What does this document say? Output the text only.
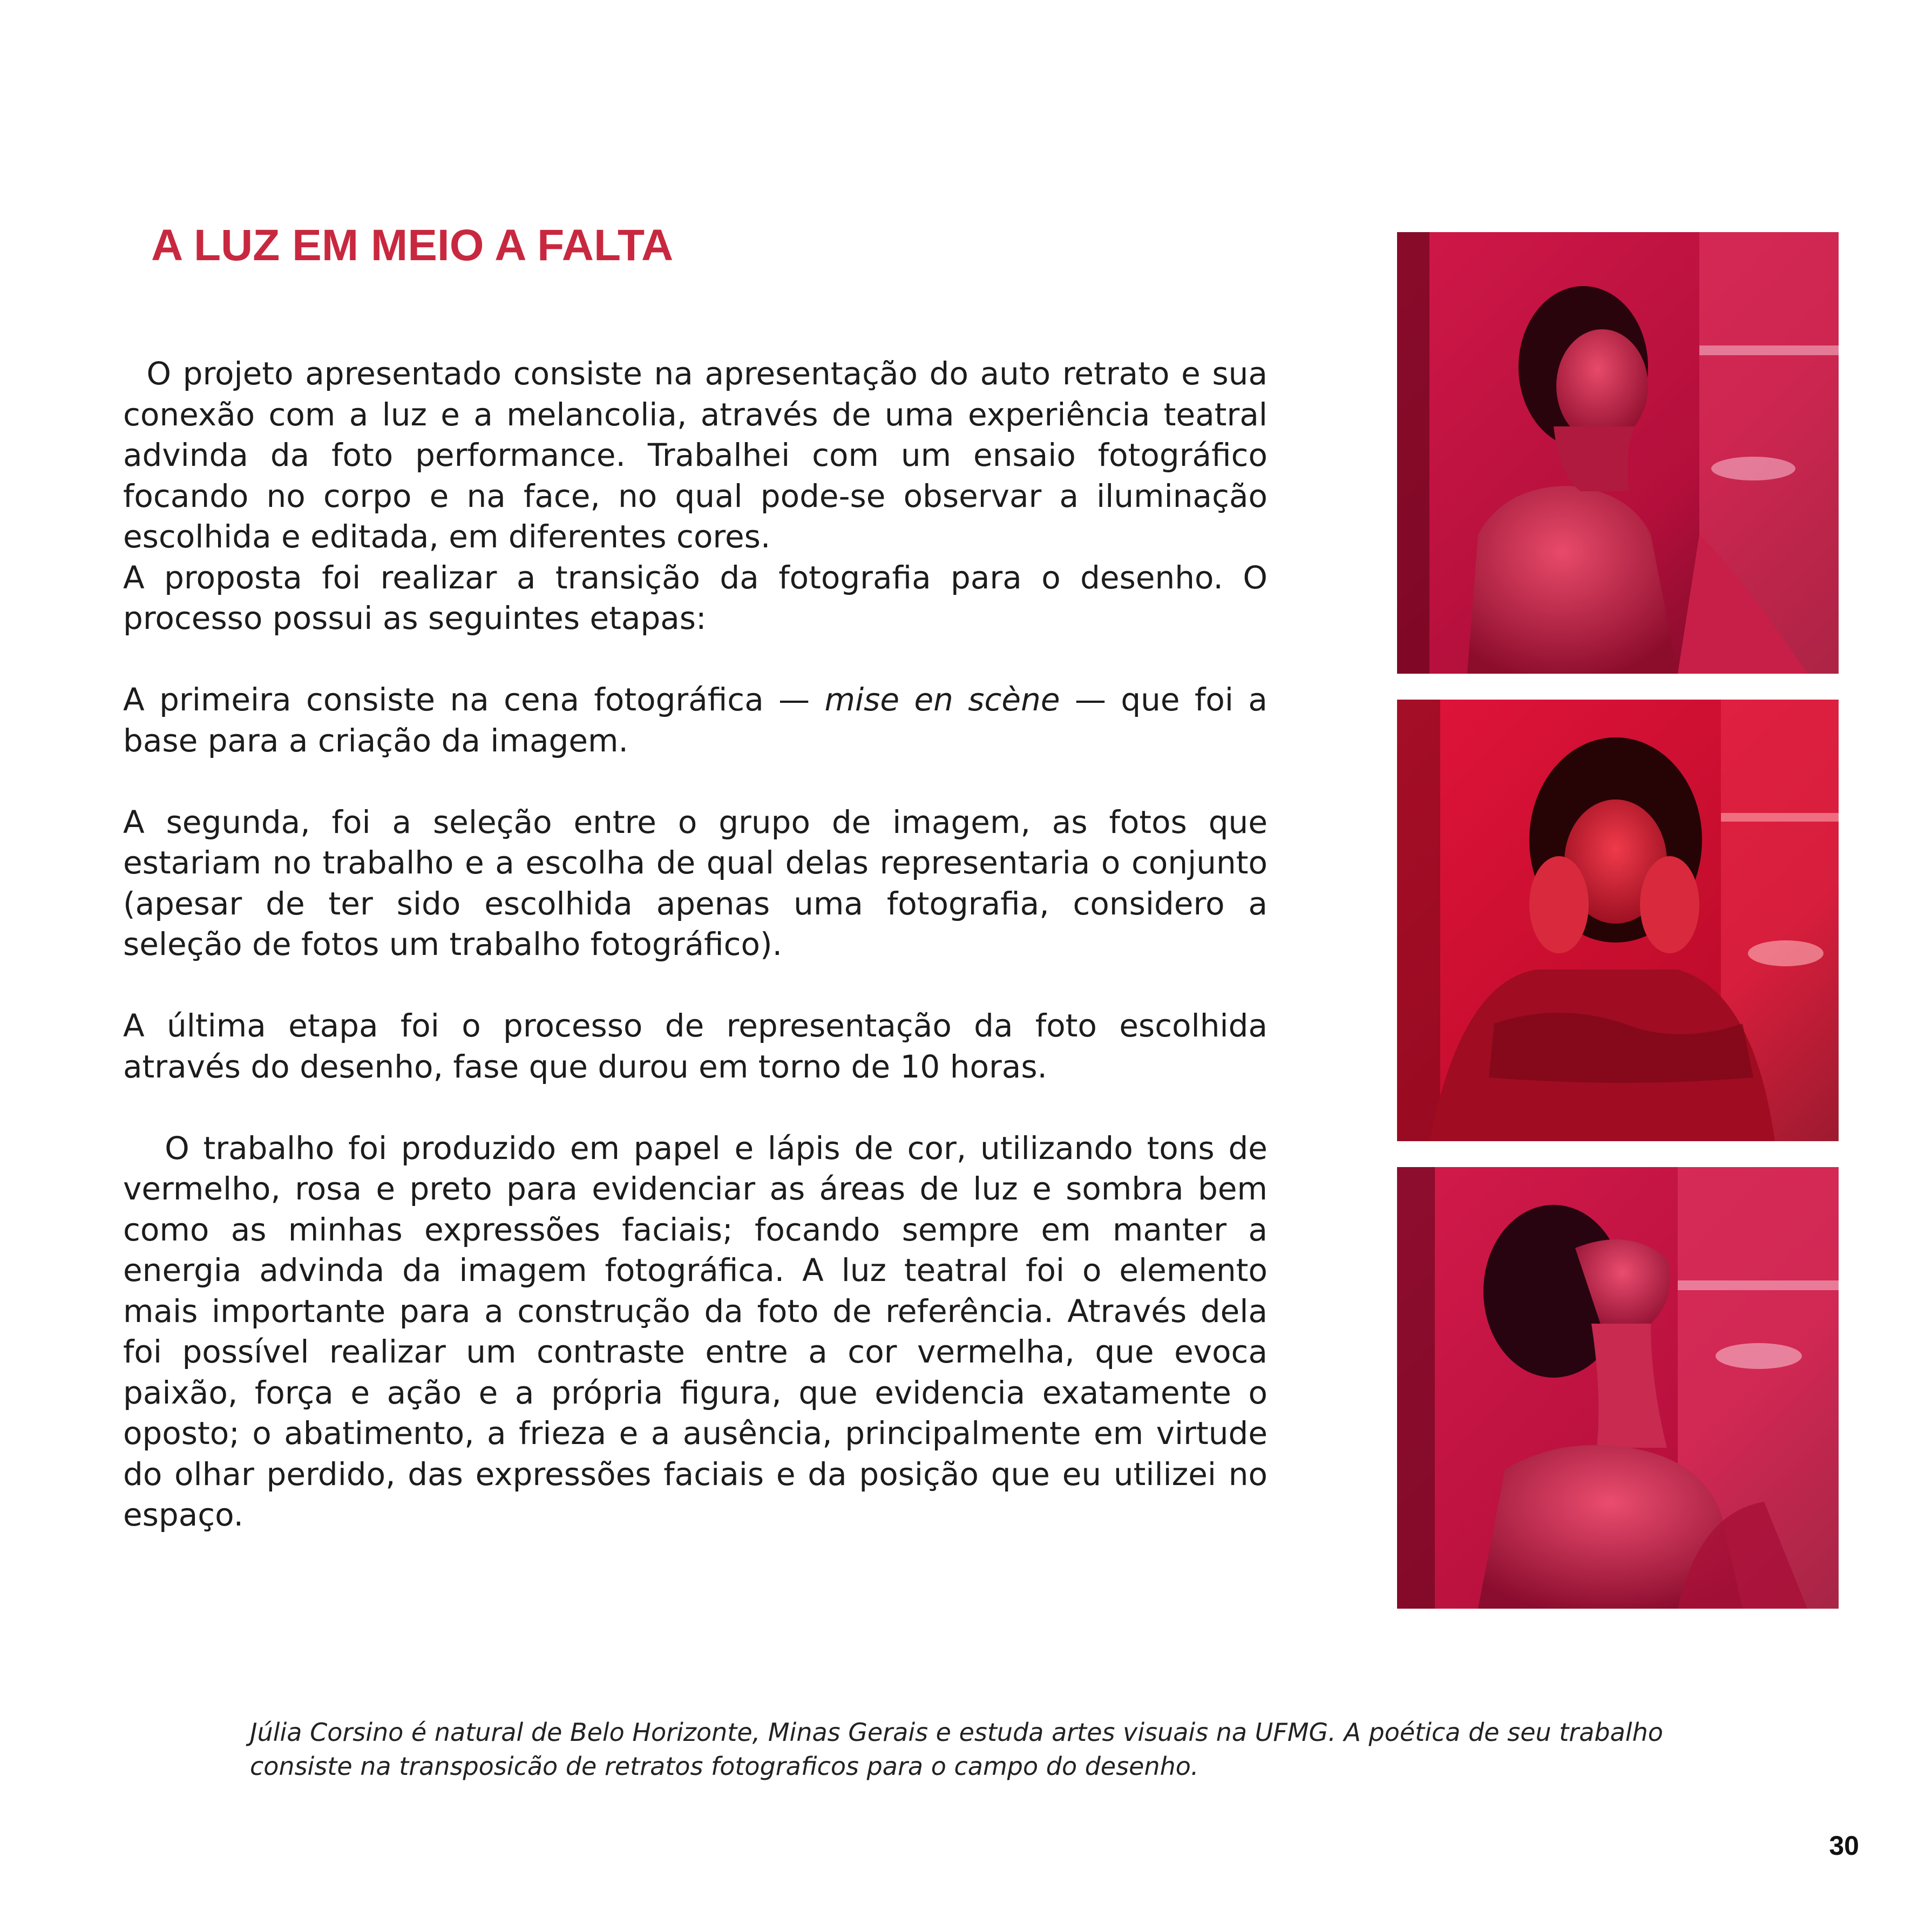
A LUZ EM MEIO A FALTA

O projeto apresentado consiste na apresentação do auto retrato e sua conexão com a luz e a melancolia, através de uma experiência teatral advinda da foto performance. Trabalhei com um ensaio fotográfico focando no corpo e na face, no qual pode-se observar a iluminação escolhida e editada, em diferentes cores.

A proposta foi realizar a transição da fotografia para o desenho. O processo possui as seguintes etapas:

A primeira consiste na cena fotográfica — mise en scène — que foi a base para a criação da imagem.

A segunda, foi a seleção entre o grupo de imagem, as fotos que estariam no trabalho e a escolha de qual delas representaria o conjunto (apesar de ter sido escolhida apenas uma fotografia, considero a seleção de fotos um trabalho fotográfico).

A última etapa foi o processo de representação da foto escolhida através do desenho, fase que durou em torno de 10 horas.

O trabalho foi produzido em papel e lápis de cor, utilizando tons de vermelho, rosa e preto para evidenciar as áreas de luz e sombra bem como as minhas expressões faciais; focando sempre em manter a energia advinda da imagem fotográfica. A luz teatral foi o elemento mais importante para a construção da foto de referência. Através dela foi possível realizar um contraste entre a cor vermelha, que evoca paixão, força e ação e a própria figura, que evidencia exatamente o oposto; o abatimento, a frieza e a ausência, principalmente em virtude do olhar perdido, das expressões faciais e da posição que eu utilizei no espaço.

Júlia Corsino é natural de Belo Horizonte, Minas Gerais e estuda artes visuais na UFMG. A poética de seu trabalho

consiste na transposicão de retratos fotograficos para o campo do desenho.

30
